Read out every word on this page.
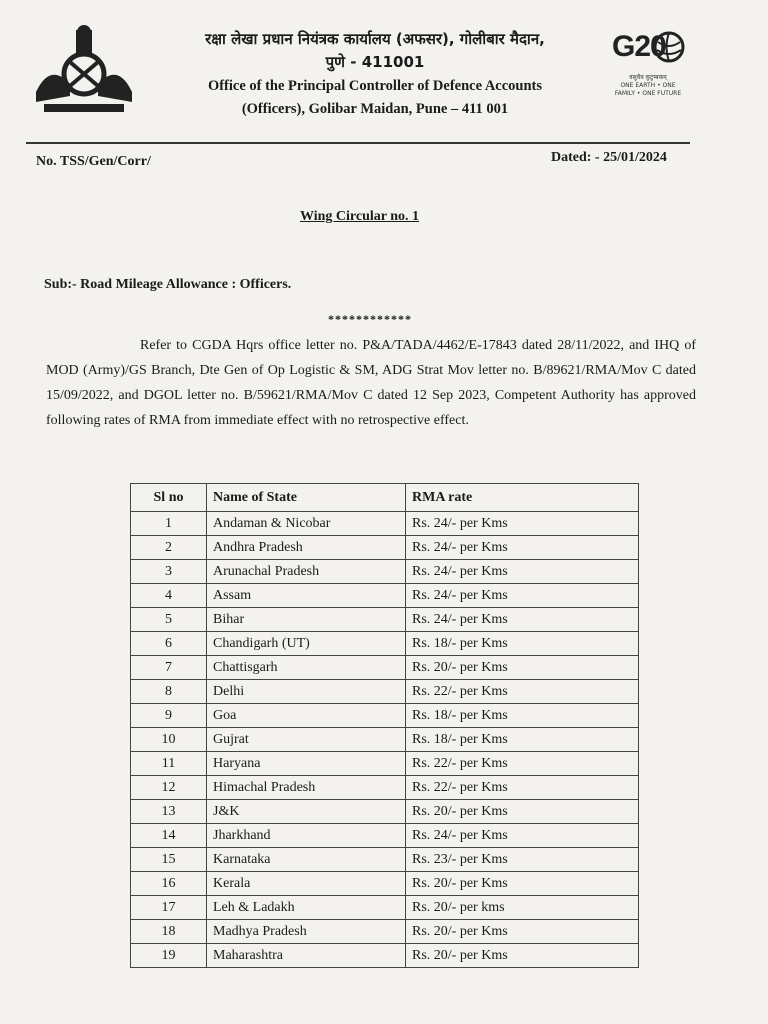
रक्षा लेखा प्रधान नियंत्रक कार्यालय (अफसर), गोलीबार मैदान,
पुणे - 411001
Office of the Principal Controller of Defence Accounts
(Officers), Golibar Maidan, Pune – 411 001
G20
वसुधैव कुटुम्बकम्
ONE EARTH • ONE FAMILY • ONE FUTURE
No. TSS/Gen/Corr/	Dated: - 25/01/2024
Wing Circular no. 1
Sub:- Road Mileage Allowance : Officers.
************
Refer to CGDA Hqrs office letter no. P&A/TADA/4462/E-17843 dated 28/11/2022, and IHQ of MOD (Army)/GS Branch, Dte Gen of Op Logistic & SM, ADG Strat Mov letter no. B/89621/RMA/Mov C dated 15/09/2022, and DGOL letter no. B/59621/RMA/Mov C dated 12 Sep 2023, Competent Authority has approved following rates of RMA from immediate effect with no retrospective effect.
Sl no	Name of State	RMA rate
1	Andaman & Nicobar	Rs. 24/- per Kms
2	Andhra Pradesh	Rs. 24/- per Kms
3	Arunachal Pradesh	Rs. 24/- per Kms
4	Assam	Rs. 24/- per Kms
5	Bihar	Rs. 24/- per Kms
6	Chandigarh (UT)	Rs. 18/- per Kms
7	Chattisgarh	Rs. 20/- per Kms
8	Delhi	Rs. 22/- per Kms
9	Goa	Rs. 18/- per Kms
10	Gujrat	Rs. 18/- per Kms
11	Haryana	Rs. 22/- per Kms
12	Himachal Pradesh	Rs. 22/- per Kms
13	J&K	Rs. 20/- per Kms
14	Jharkhand	Rs. 24/- per Kms
15	Karnataka	Rs. 23/- per Kms
16	Kerala	Rs. 20/- per Kms
17	Leh & Ladakh	Rs. 20/- per kms
18	Madhya Pradesh	Rs. 20/- per Kms
19	Maharashtra	Rs. 20/- per Kms
